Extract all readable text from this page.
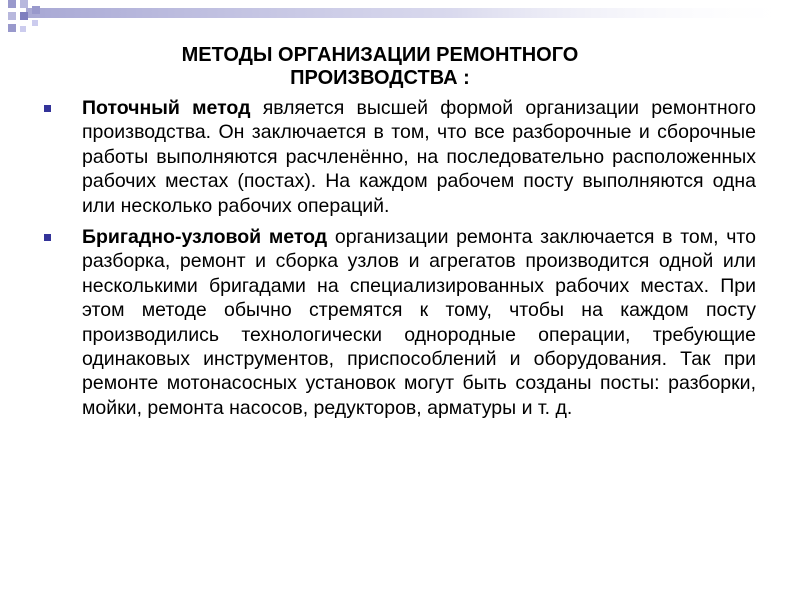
МЕТОДЫ ОРГАНИЗАЦИИ РЕМОНТНОГО
ПРОИЗВОДСТВА :
Поточный метод является высшей формой организации ремонтного производства. Он заключается в том, что все разборочные и сборочные работы выполняются расчленённо, на последовательно расположенных рабочих местах (постах). На каждом рабочем посту выполняются одна или несколько рабочих операций.
Бригадно-узловой метод организации ремонта заключается в том, что разборка, ремонт и сборка узлов и агрегатов производится одной или несколькими бригадами на специализированных рабочих местах. При этом методе обычно стремятся к тому, чтобы на каждом посту производились технологически однородные операции, требующие одинаковых инструментов, приспособлений и оборудования. Так при ремонте мотонасосных установок могут быть созданы посты: разборки, мойки, ремонта насосов, редукторов, арматуры и т. д.
